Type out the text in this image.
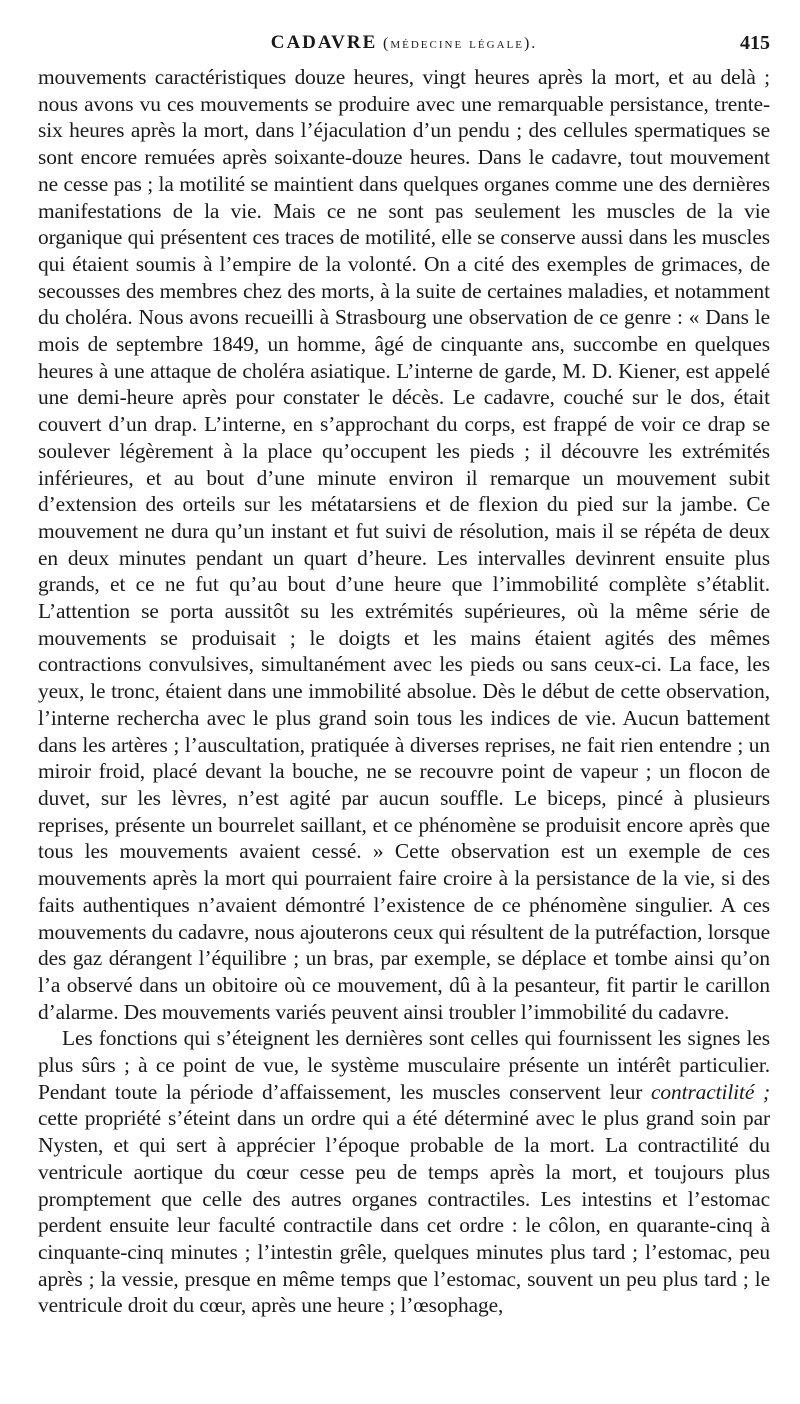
CADAVRE (médecine légale).	415

mouvements caractéristiques douze heures, vingt heures après la mort, et au delà ; nous avons vu ces mouvements se produire avec une remarquable persistance, trente-six heures après la mort, dans l’éjaculation d’un pendu ; des cellules spermatiques se sont encore remuées après soixante-douze heures. Dans le cadavre, tout mouvement ne cesse pas ; la motilité se maintient dans quelques organes comme une des dernières manifestations de la vie. Mais ce ne sont pas seulement les muscles de la vie organique qui présentent ces traces de motilité, elle se conserve aussi dans les muscles qui étaient soumis à l’empire de la volonté. On a cité des exemples de grimaces, de secousses des membres chez des morts, à la suite de certaines maladies, et notamment du choléra. Nous avons recueilli à Strasbourg une observation de ce genre : « Dans le mois de septembre 1849, un homme, âgé de cinquante ans, succombe en quelques heures à une attaque de choléra asiatique. L’interne de garde, M. D. Kiener, est appelé une demi-heure après pour constater le décès. Le cadavre, couché sur le dos, était couvert d’un drap. L’interne, en s’approchant du corps, est frappé de voir ce drap se soulever légèrement à la place qu’occupent les pieds ; il découvre les extrémités inférieures, et au bout d’une minute environ il remarque un mouvement subit d’extension des orteils sur les métatarsiens et de flexion du pied sur la jambe. Ce mouvement ne dura qu’un instant et fut suivi de résolution, mais il se répéta de deux en deux minutes pendant un quart d’heure. Les intervalles devinrent ensuite plus grands, et ce ne fut qu’au bout d’une heure que l’immobilité complète s’établit. L’attention se porta aussitôt su les extrémités supérieures, où la même série de mouvements se produisait ; le doigts et les mains étaient agités des mêmes contractions convulsives, simultanément avec les pieds ou sans ceux-ci. La face, les yeux, le tronc, étaient dans une immobilité absolue. Dès le début de cette observation, l’interne rechercha avec le plus grand soin tous les indices de vie. Aucun battement dans les artères ; l’auscultation, pratiquée à diverses reprises, ne fait rien entendre ; un miroir froid, placé devant la bouche, ne se recouvre point de vapeur ; un flocon de duvet, sur les lèvres, n’est agité par aucun souffle. Le biceps, pincé à plusieurs reprises, présente un bourrelet saillant, et ce phénomène se produisit encore après que tous les mouvements avaient cessé. » Cette observation est un exemple de ces mouvements après la mort qui pourraient faire croire à la persistance de la vie, si des faits authentiques n’avaient démontré l’existence de ce phénomène singulier. A ces mouvements du cadavre, nous ajouterons ceux qui résultent de la putréfaction, lorsque des gaz dérangent l’équilibre ; un bras, par exemple, se déplace et tombe ainsi qu’on l’a observé dans un obitoire où ce mouvement, dû à la pesanteur, fit partir le carillon d’alarme. Des mouvements variés peuvent ainsi troubler l’immobilité du cadavre.

Les fonctions qui s’éteignent les dernières sont celles qui fournissent les signes les plus sûrs ; à ce point de vue, le système musculaire présente un intérêt particulier. Pendant toute la période d’affaissement, les muscles conservent leur contractilité ; cette propriété s’éteint dans un ordre qui a été déterminé avec le plus grand soin par Nysten, et qui sert à apprécier l’époque probable de la mort. La contractilité du ventricule aortique du cœur cesse peu de temps après la mort, et toujours plus promptement que celle des autres organes contractiles. Les intestins et l’estomac perdent ensuite leur faculté contractile dans cet ordre : le côlon, en quarante-cinq à cinquante-cinq minutes ; l’intestin grêle, quelques minutes plus tard ; l’estomac, peu après ; la vessie, presque en même temps que l’estomac, souvent un peu plus tard ; le ventricule droit du cœur, après une heure ; l’œsophage,
